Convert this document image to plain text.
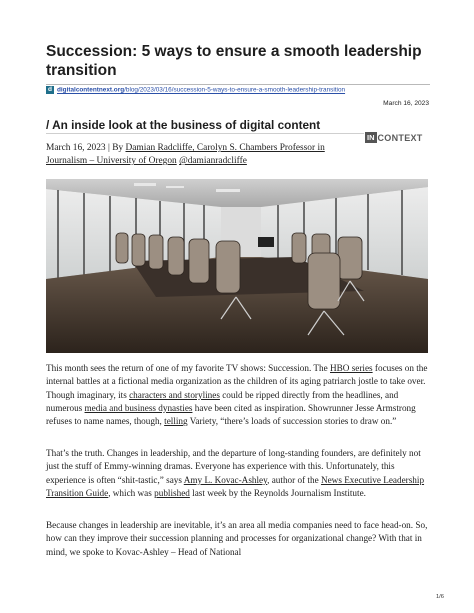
Succession: 5 ways to ensure a smooth leadership transition
d digitalcontentnext.org/blog/2023/03/16/succession-5-ways-to-ensure-a-smooth-leadership-transition
March 16, 2023
/ An inside look at the business of digital content
IN CONTEXT
March 16, 2023 | By Damian Radcliffe, Carolyn S. Chambers Professor in Journalism – University of Oregon @damianradcliffe

This month sees the return of one of my favorite TV shows: Succession. The HBO series focuses on the internal battles at a fictional media organization as the children of its aging patriarch jostle to take over. Though imaginary, its characters and storylines could be ripped directly from the headlines, and numerous media and business dynasties have been cited as inspiration. Showrunner Jesse Armstrong refuses to name names, though, telling Variety, “there’s loads of succession stories to draw on.”

That’s the truth. Changes in leadership, and the departure of long-standing founders, are definitely not just the stuff of Emmy-winning dramas. Everyone has experience with this. Unfortunately, this experience is often “shit-tastic,” says Amy L. Kovac-Ashley, author of the News Executive Leadership Transition Guide, which was published last week by the Reynolds Journalism Institute.

Because changes in leadership are inevitable, it’s an area all media companies need to face head-on. So, how can they improve their succession planning and processes for organizational change? With that in mind, we spoke to Kovac-Ashley – Head of National

1/6
